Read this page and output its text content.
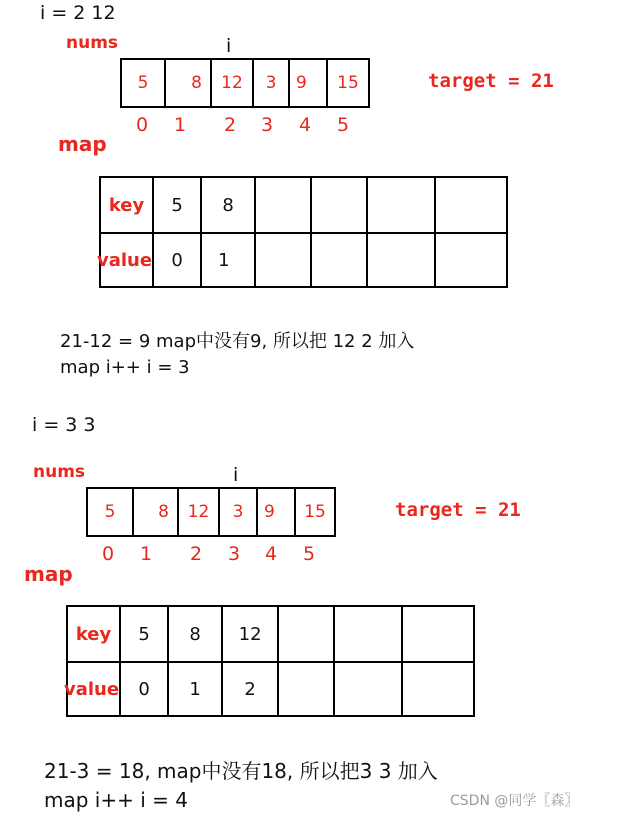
i = 2 12
nums	i
5	8	12	3	9	15
0 1 2 3 4 5
target = 21
map
key	5	8				
value	0	1				
21-12 = 9 map中没有9, 所以把 12 2 加入
map i++ i = 3
i = 3 3
nums	i
5	8	12	3	9	15
0 1 2 3 4 5
target = 21
map
key	5	8	12			
value	0	1	2			
21-3 = 18, map中没有18, 所以把3 3 加入
map i++ i = 4	CSDN @同学〖森〗
